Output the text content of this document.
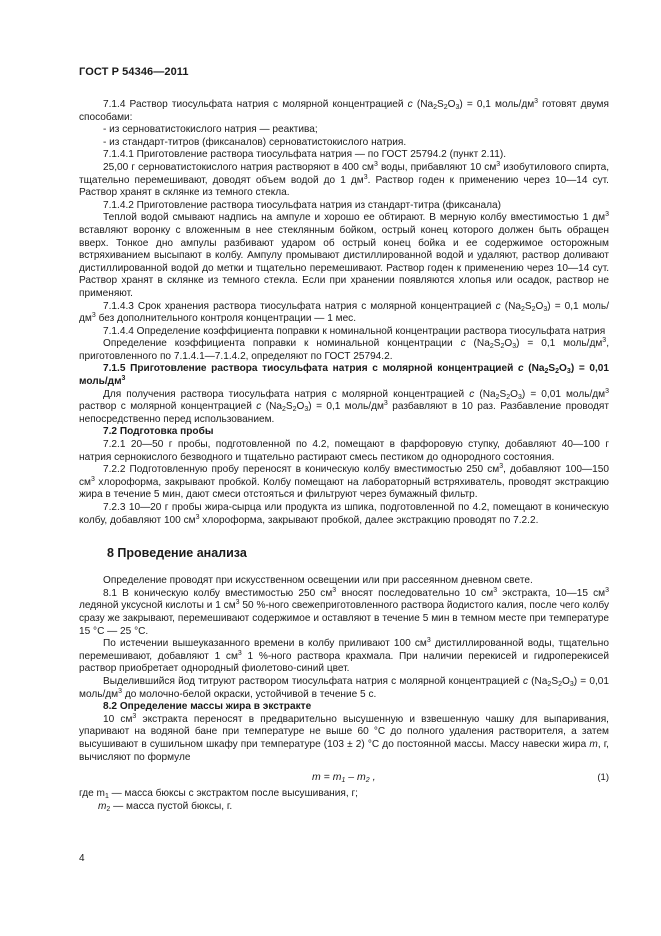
ГОСТ Р 54346—2011

7.1.4 Раствор тиосульфата натрия с молярной концентрацией c $(Na_2S_2O_3) = 0,1$ моль/$дм^3$ готовят двумя способами:

- из серноватистокислого натрия — реактива;
- из стандарт-титров (фиксаналов) серноватистокислого натрия.

7.1.4.1 Приготовление раствора тиосульфата натрия — по ГОСТ 25794.2 (пункт 2.11).

25,00 г серноватистокислого натрия растворяют в 400 $см^3$ воды, прибавляют 10 $см^3$ изобутилового спирта, тщательно перемешивают, доводят объем водой до 1 $дм^3$. Раствор годен к применению через 10—14 сут. Раствор хранят в склянке из темного стекла.

7.1.4.2 Приготовление раствора тиосульфата натрия из стандарт-титра (фиксанала)

Теплой водой смывают надпись на ампуле и хорошо ее обтирают. В мерную колбу вместимостью 1 $дм^3$ вставляют воронку с вложенным в нее стеклянным бойком, острый конец которого должен быть обращен вверх. Тонкое дно ампулы разбивают ударом об острый конец бойка и ее содержимое осторожным встряхиванием высыпают в колбу. Ампулу промывают дистиллированной водой и удаляют, раствор доливают дистиллированной водой до метки и тщательно перемешивают. Раствор годен к применению через 10—14 сут. Раствор хранят в склянке из темного стекла. Если при хранении появляются хлопья или осадок, раствор не применяют.

7.1.4.3 Срок хранения раствора тиосульфата натрия с молярной концентрацией c $(Na_2S_2O_3) = 0,1$ моль/$дм^3$ без дополнительного контроля концентрации — 1 мес.

7.1.4.4 Определение коэффициента поправки к номинальной концентрации раствора тиосульфата натрия

Определение коэффициента поправки к номинальной концентрации c $(Na_2S_2O_3) = 0,1$ моль/$дм^3$, приготовленного по 7.1.4.1—7.1.4.2, определяют по ГОСТ 25794.2.

7.1.5 Приготовление раствора тиосульфата натрия с молярной концентрацией c $(Na_2S_2O_3) = 0,01$ моль/$дм^3$

Для получения раствора тиосульфата натрия с молярной концентрацией c $(Na_2S_2O_3) = 0,01$ моль/$дм^3$ раствор с молярной концентрацией c $(Na_2S_2O_3) = 0,1$ моль/$дм^3$ разбавляют в 10 раз. Разбавление проводят непосредственно перед использованием.

7.2 Подготовка пробы

7.2.1 20—50 г пробы, подготовленной по 4.2, помещают в фарфоровую ступку, добавляют 40—100 г натрия сернокислого безводного и тщательно растирают смесь пестиком до однородного состояния.

7.2.2 Подготовленную пробу переносят в коническую колбу вместимостью 250 $см^3$, добавляют 100—150 $см^3$ хлороформа, закрывают пробкой. Колбу помещают на лабораторный встряхиватель, проводят экстракцию жира в течение 5 мин, дают смеси отстояться и фильтруют через бумажный фильтр.

7.2.3 10—20 г пробы жира-сырца или продукта из шпика, подготовленной по 4.2, помещают в коническую колбу, добавляют 100 $см^3$ хлороформа, закрывают пробкой, далее экстракцию проводят по 7.2.2.

8 Проведение анализа

Определение проводят при искусственном освещении или при рассеянном дневном свете.

8.1 В коническую колбу вместимостью 250 $см^3$ вносят последовательно 10 $см^3$ экстракта, 10—15 $см^3$ ледяной уксусной кислоты и 1 $см^3$ 50 %-ного свежеприготовленного раствора йодистого калия, после чего колбу сразу же закрывают, перемешивают содержимое и оставляют в течение 5 мин в темном месте при температуре 15 °С — 25 °С.

По истечении вышеуказанного времени в колбу приливают 100 $см^3$ дистиллированной воды, тщательно перемешивают, добавляют 1 $см^3$ 1 %-ного раствора крахмала. При наличии перекисей и гидроперекисей раствор приобретает однородный фиолетово-синий цвет.

Выделившийся йод титруют раствором тиосульфата натрия с молярной концентрацией c $(Na_2S_2O_3) = 0,01$ моль/$дм^3$ до молочно-белой окраски, устойчивой в течение 5 с.

8.2 Определение массы жира в экстракте

10 $см^3$ экстракта переносят в предварительно высушенную и взвешенную чашку для выпаривания, упаривают на водяной бане при температуре не выше 60 °С до полного удаления растворителя, а затем высушивают в сушильном шкафу при температуре (103 ± 2) °С до постоянной массы. Массу навески жира m, г, вычисляют по формуле

$m = m_1 - m_2$ ,	(1)
где $m_1$ — масса бюксы с экстрактом после высушивания, г;
$m_2$ — масса пустой бюксы, г.
4
